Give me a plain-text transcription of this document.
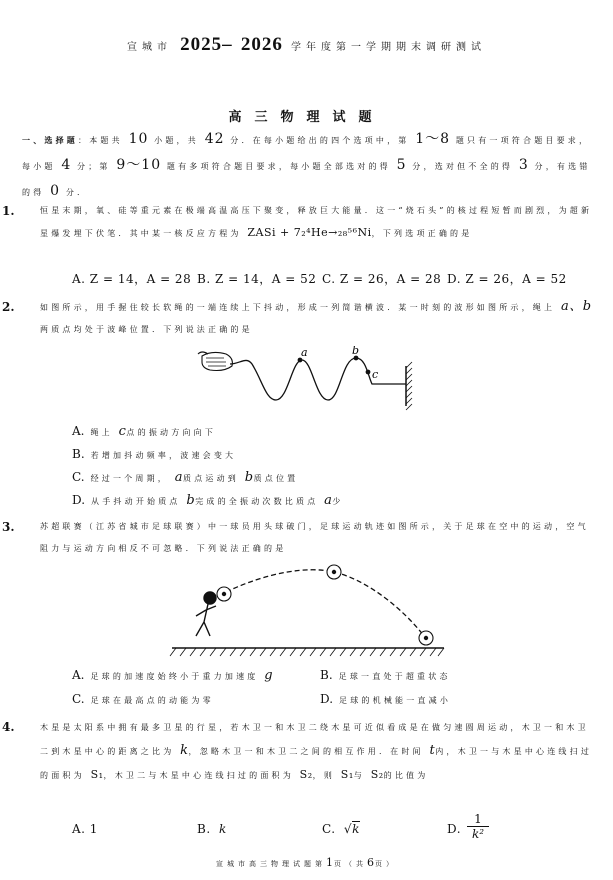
宣城市 2025– 2026 学年度第一学期期末调研测试
高三物理试题
一、选择题：本题共 10 小题，共 42 分．在每小题给出的四个选项中，第 1～8 题只有一项符合题目要求，每小题 4 分；第 9～10 题有多项符合题目要求，每小题全部选对的得 5 分，选对但不全的得 3 分，有选错的得 0 分．
1.	恒星末期，氧、硅等重元素在极端高温高压下聚变，释放巨大能量．这一“烧石头”的核过程短暂而剧烈，为超新星爆发埋下伏笔．其中某一核反应方程为 ZASi + 7₂⁴He→₂₈⁵⁶Ni，下列选项正确的是
A. Z = 14，A = 28 B. Z = 14，A = 52 C. Z = 26，A = 28 D. Z = 26，A = 52
2.	如图所示，用手握住较长软绳的一端连续上下抖动，形成一列简谐横波．某一时刻的波形如图所示，绳上 a、b 两质点均处于波峰位置．下列说法正确的是
a	b
c
A. 绳上 c点的振动方向向下
B. 若增加抖动频率，波速会变大
C. 经过一个周期， a质点运动到 b质点位置
D. 从手抖动开始质点 b完成的全振动次数比质点 a少
3.	苏超联赛（江苏省城市足球联赛）中一球员用头球破门，足球运动轨迹如图所示，关于足球在空中的运动，空气阻力与运动方向相反不可忽略．下列说法正确的是
A. 足球的加速度始终小于重力加速度 g	B. 足球一直处于超重状态
C. 足球在最高点的动能为零	D. 足球的机械能一直减小
4.	木星是太阳系中拥有最多卫星的行星，若木卫一和木卫二绕木星可近似看成是在做匀速圆周运动，木卫一和木卫二到木星中心的距离之比为 k，忽略木卫一和木卫二之间的相互作用．在时间 t内，木卫一与木星中心连线扫过的面积为 S₁，木卫二与木星中心连线扫过的面积为 S₂，则 S₁与 S₂的比值为
A. 1	B. k	C. √k	D. $\frac{1}{\text{k²}}$
宣城市高三物理试题第1页（共6页）
